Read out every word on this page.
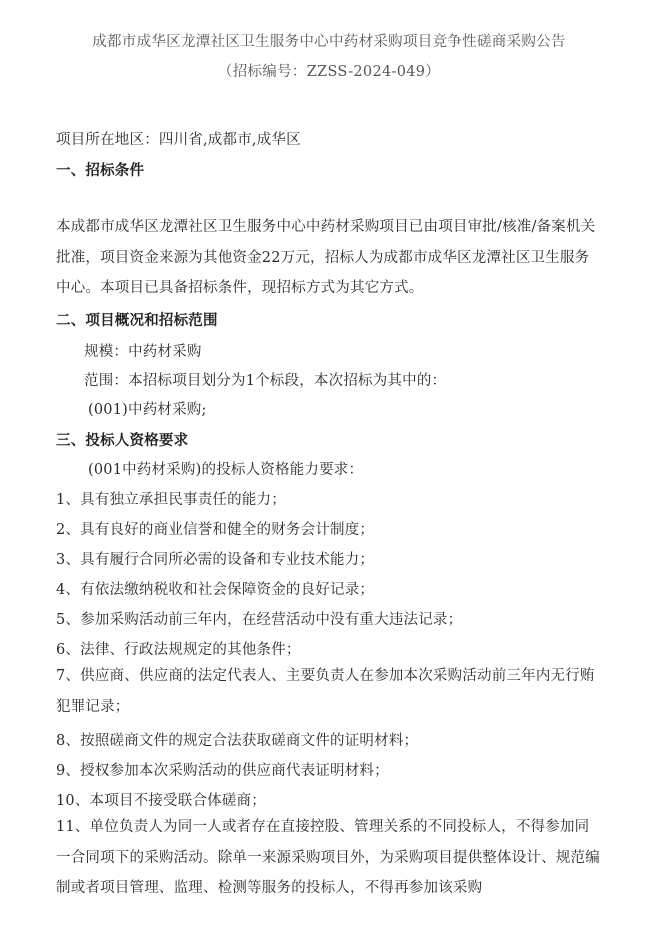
成都市成华区龙潭社区卫生服务中心中药材采购项目竞争性磋商采购公告
（招标编号：ZZSS-2024-049）
项目所在地区：四川省,成都市,成华区
一、招标条件
本成都市成华区龙潭社区卫生服务中心中药材采购项目已由项目审批/核准/备案机关批准，项目资金来源为其他资金22万元，招标人为成都市成华区龙潭社区卫生服务中心。本项目已具备招标条件，现招标方式为其它方式。
二、项目概况和招标范围
规模：中药材采购
范围：本招标项目划分为1个标段，本次招标为其中的：
(001)中药材采购;
三、投标人资格要求
(001中药材采购)的投标人资格能力要求：
1、具有独立承担民事责任的能力；
2、具有良好的商业信誉和健全的财务会计制度；
3、具有履行合同所必需的设备和专业技术能力；
4、有依法缴纳税收和社会保障资金的良好记录；
5、参加采购活动前三年内，在经营活动中没有重大违法记录；
6、法律、行政法规规定的其他条件；
7、供应商、供应商的法定代表人、主要负责人在参加本次采购活动前三年内无行贿犯罪记录；
8、按照磋商文件的规定合法获取磋商文件的证明材料；
9、授权参加本次采购活动的供应商代表证明材料；
10、本项目不接受联合体磋商；
11、单位负责人为同一人或者存在直接控股、管理关系的不同投标人，不得参加同一合同项下的采购活动。除单一来源采购项目外，为采购项目提供整体设计、规范编制或者项目管理、监理、检测等服务的投标人，不得再参加该采购
